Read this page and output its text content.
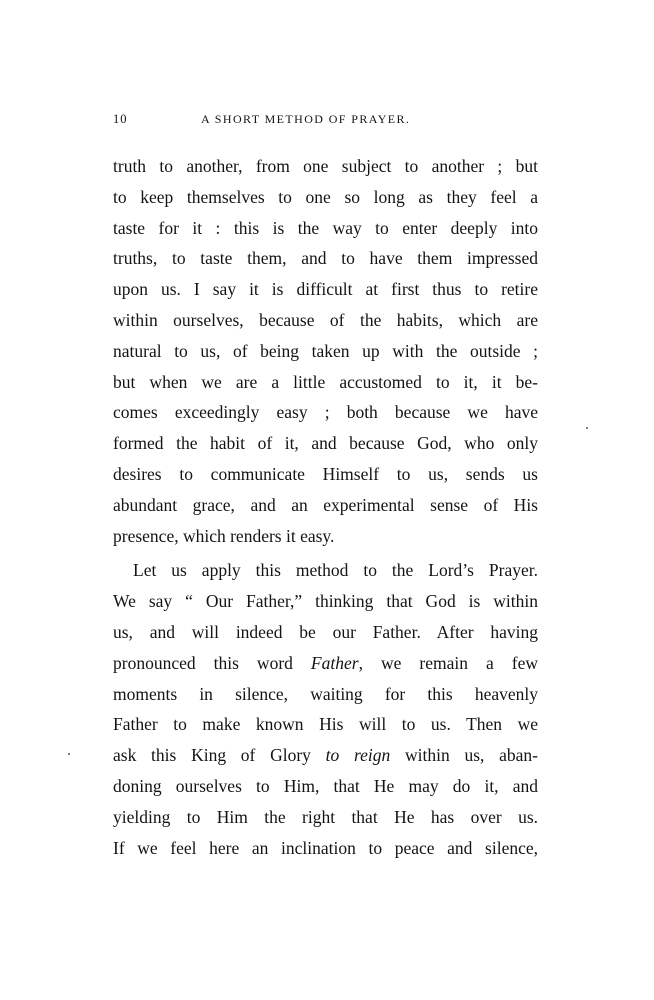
10	A SHORT METHOD OF PRAYER.
truth to another, from one subject to another ; but
to keep themselves to one so long as they feel a
taste for it : this is the way to enter deeply into
truths, to taste them, and to have them impressed
upon us. I say it is difficult at first thus to retire
within ourselves, because of the habits, which are
natural to us, of being taken up with the outside ;
but when we are a little accustomed to it, it be-
comes exceedingly easy ; both because we have
formed the habit of it, and because God, who only
desires to communicate Himself to us, sends us
abundant grace, and an experimental sense of His
presence, which renders it easy.
Let us apply this method to the Lord’s Prayer.
We say “ Our Father,” thinking that God is within
us, and will indeed be our Father. After having
pronounced this word Father, we remain a few
moments in silence, waiting for this heavenly
Father to make known His will to us. Then we
ask this King of Glory to reign within us, aban-
doning ourselves to Him, that He may do it, and
yielding to Him the right that He has over us.
If we feel here an inclination to peace and silence,
